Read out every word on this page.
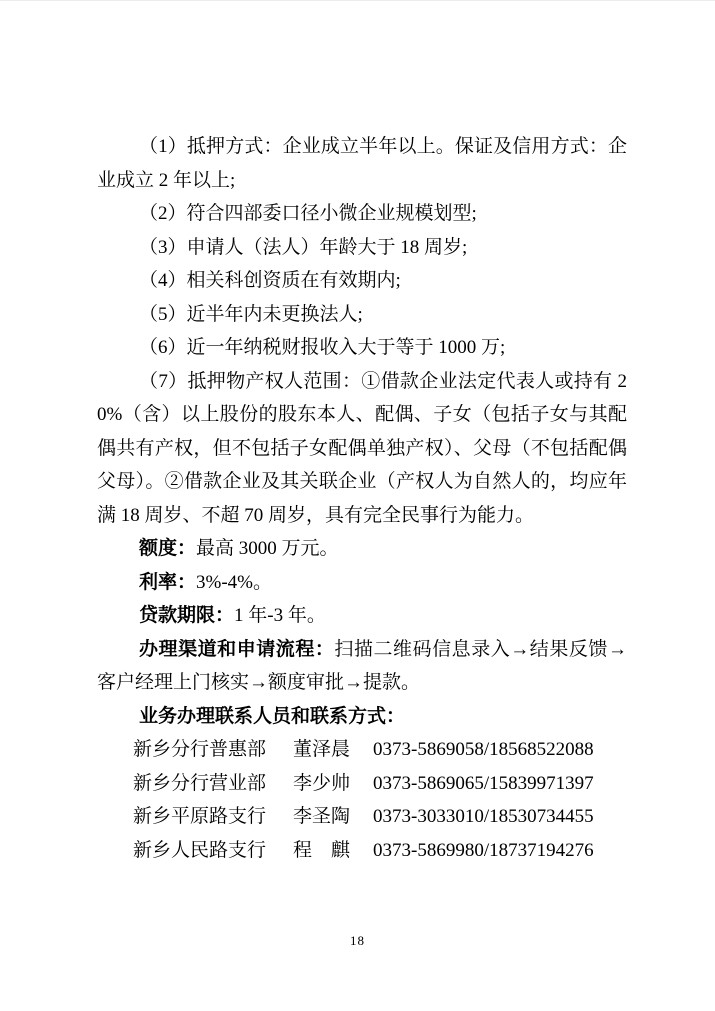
（1）抵押方式：企业成立半年以上。保证及信用方式：企业成立 2 年以上;

（2）符合四部委口径小微企业规模划型;

（3）申请人（法人）年龄大于 18 周岁;

（4）相关科创资质在有效期内;

（5）近半年内未更换法人;

（6）近一年纳税财报收入大于等于 1000 万;

（7）抵押物产权人范围：①借款企业法定代表人或持有 20%（含）以上股份的股东本人、配偶、子女（包括子女与其配偶共有产权，但不包括子女配偶单独产权）、父母（不包括配偶父母）。②借款企业及其关联企业（产权人为自然人的，均应年满 18 周岁、不超 70 周岁，具有完全民事行为能力。

额度：最高 3000 万元。

利率：3%-4%。

贷款期限：1 年-3 年。

办理渠道和申请流程：扫描二维码信息录入→结果反馈→客户经理上门核实→额度审批→提款。

业务办理联系人员和联系方式：

新乡分行普惠部	董泽晨	0373-5869058/18568522088
新乡分行营业部	李少帅	0373-5869065/15839971397
新乡平原路支行	李圣陶	0373-3033010/18530734455
新乡人民路支行	程　麒	0373-5869980/18737194276
18
